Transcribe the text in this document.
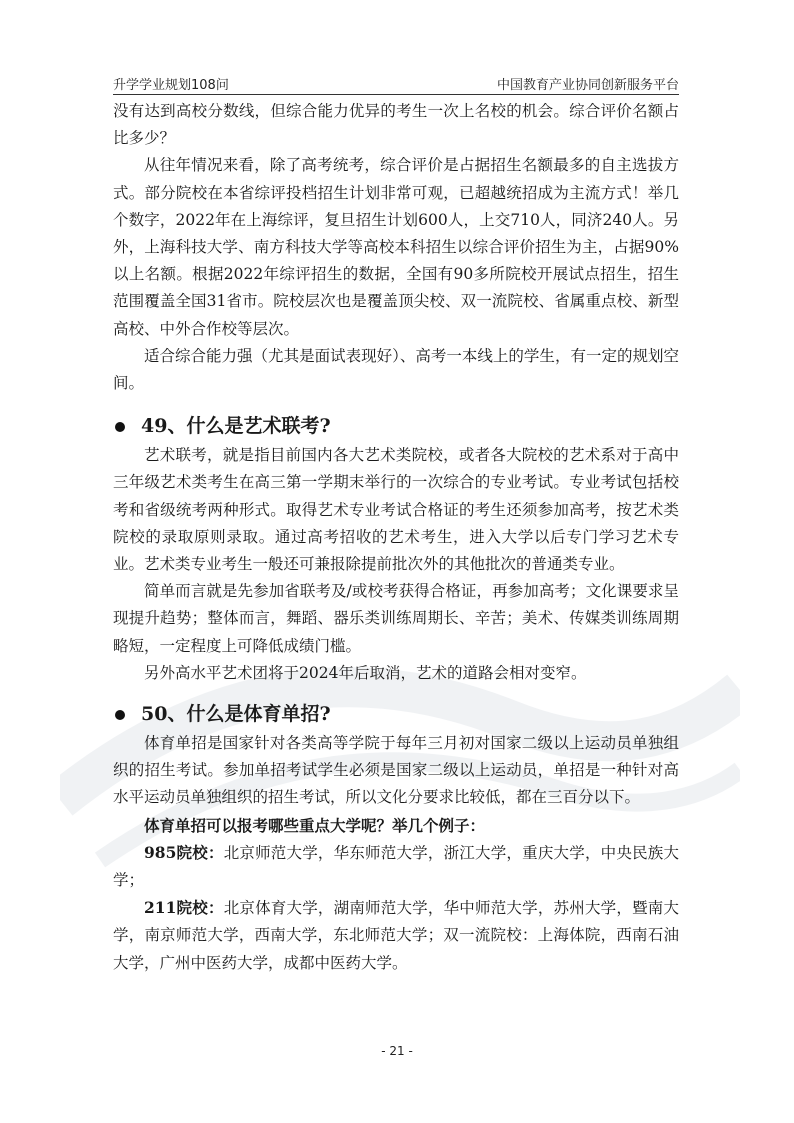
升学学业规划108问	中国教育产业协同创新服务平台

没有达到高校分数线，但综合能力优异的考生一次上名校的机会。综合评价名额占比多少？

从往年情况来看，除了高考统考，综合评价是占据招生名额最多的自主选拔方式。部分院校在本省综评投档招生计划非常可观，已超越统招成为主流方式！举几个数字，2022年在上海综评，复旦招生计划600人，上交710人，同济240人。另外，上海科技大学、南方科技大学等高校本科招生以综合评价招生为主，占据90%以上名额。根据2022年综评招生的数据，全国有90多所院校开展试点招生，招生范围覆盖全国31省市。院校层次也是覆盖顶尖校、双一流院校、省属重点校、新型高校、中外合作校等层次。

适合综合能力强（尤其是面试表现好）、高考一本线上的学生，有一定的规划空间。

49、什么是艺术联考?

艺术联考，就是指目前国内各大艺术类院校，或者各大院校的艺术系对于高中三年级艺术类考生在高三第一学期末举行的一次综合的专业考试。专业考试包括校考和省级统考两种形式。取得艺术专业考试合格证的考生还须参加高考，按艺术类院校的录取原则录取。通过高考招收的艺术考生，进入大学以后专门学习艺术专业。艺术类专业考生一般还可兼报除提前批次外的其他批次的普通类专业。

简单而言就是先参加省联考及/或校考获得合格证，再参加高考；文化课要求呈现提升趋势；整体而言，舞蹈、器乐类训练周期长、辛苦；美术、传媒类训练周期略短，一定程度上可降低成绩门槛。

另外高水平艺术团将于2024年后取消，艺术的道路会相对变窄。

50、什么是体育单招?

体育单招是国家针对各类高等学院于每年三月初对国家二级以上运动员单独组织的招生考试。参加单招考试学生必须是国家二级以上运动员，单招是一种针对高水平运动员单独组织的招生考试，所以文化分要求比较低，都在三百分以下。

体育单招可以报考哪些重点大学呢？举几个例子：

985院校：北京师范大学，华东师范大学，浙江大学，重庆大学，中央民族大学；

211院校：北京体育大学，湖南师范大学，华中师范大学，苏州大学，暨南大学，南京师范大学，西南大学，东北师范大学；双一流院校：上海体院，西南石油大学，广州中医药大学，成都中医药大学。

- 21 -
